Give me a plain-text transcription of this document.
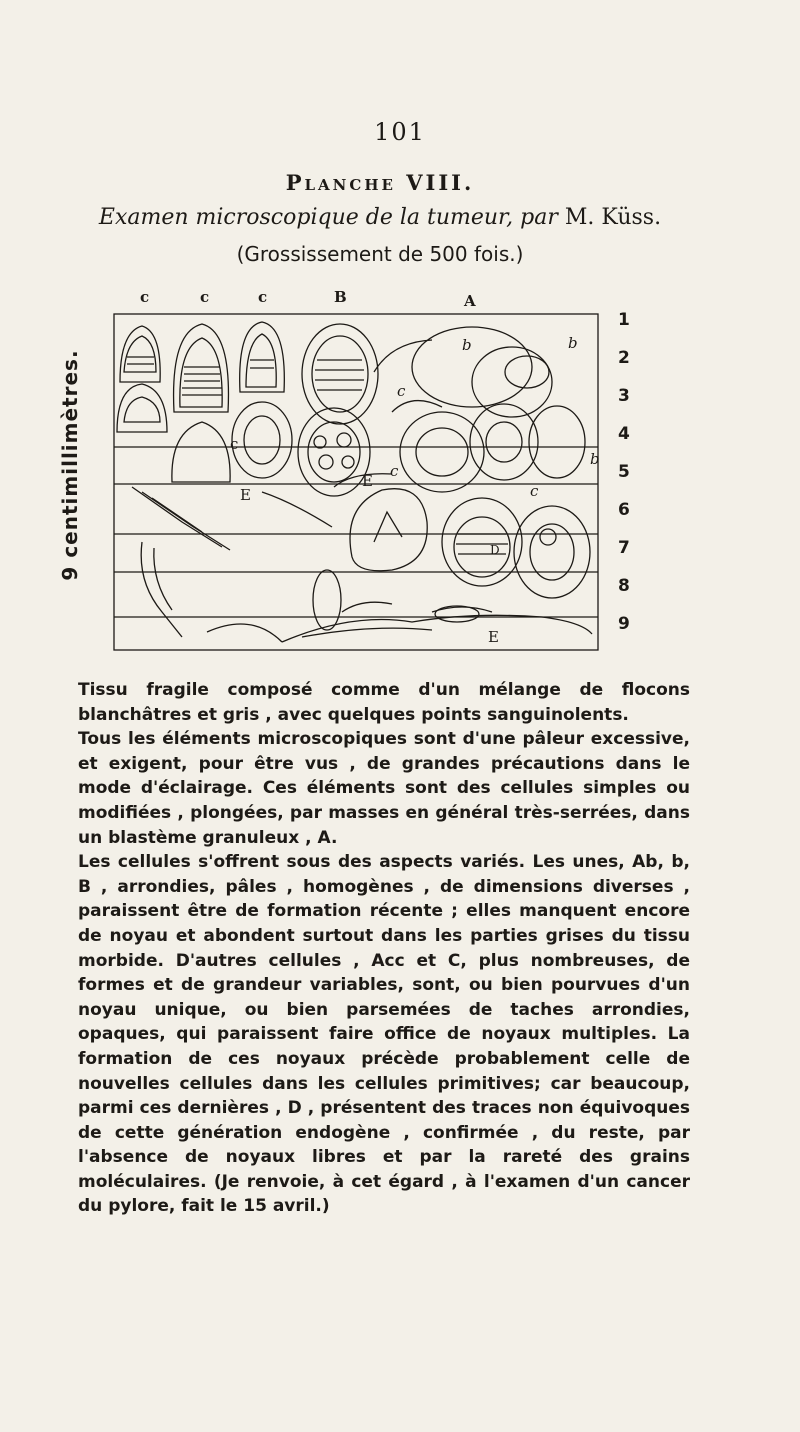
101
Planche VIII.
Examen microscopique de la tumeur, par M. Küss.
(Grossissement de 500 fois.)
c	c	c	B	A
9 centimillimètres.
b	b
c
c
b
E
E
c
c
D
E
1
2
3
4
5
6
7
8
9

Tissu fragile composé comme d'un mélange de flocons blanchâtres et gris , avec quelques points sanguinolents.

Tous les éléments microscopiques sont d'une pâleur excessive, et exigent, pour être vus , de grandes précautions dans le mode d'éclairage. Ces éléments sont des cellules simples ou modifiées , plongées, par masses en général très-serrées, dans un blastème granuleux , A.

Les cellules s'offrent sous des aspects variés. Les unes, Ab, b, B , arrondies, pâles , homogènes , de dimensions diverses , paraissent être de formation récente ; elles manquent encore de noyau et abondent surtout dans les parties grises du tissu morbide. D'autres cellules , Acc et C, plus nombreuses, de formes et de grandeur variables, sont, ou bien pourvues d'un noyau unique, ou bien parsemées de taches arrondies, opaques, qui paraissent faire office de noyaux multiples. La formation de ces noyaux précède probablement celle de nouvelles cellules dans les cellules primitives; car beaucoup, parmi ces dernières , D , présentent des traces non équivoques de cette génération endogène , confirmée , du reste, par l'absence de noyaux libres et par la rareté des grains moléculaires. (Je renvoie, à cet égard , à l'examen d'un cancer du pylore, fait le 15 avril.)
